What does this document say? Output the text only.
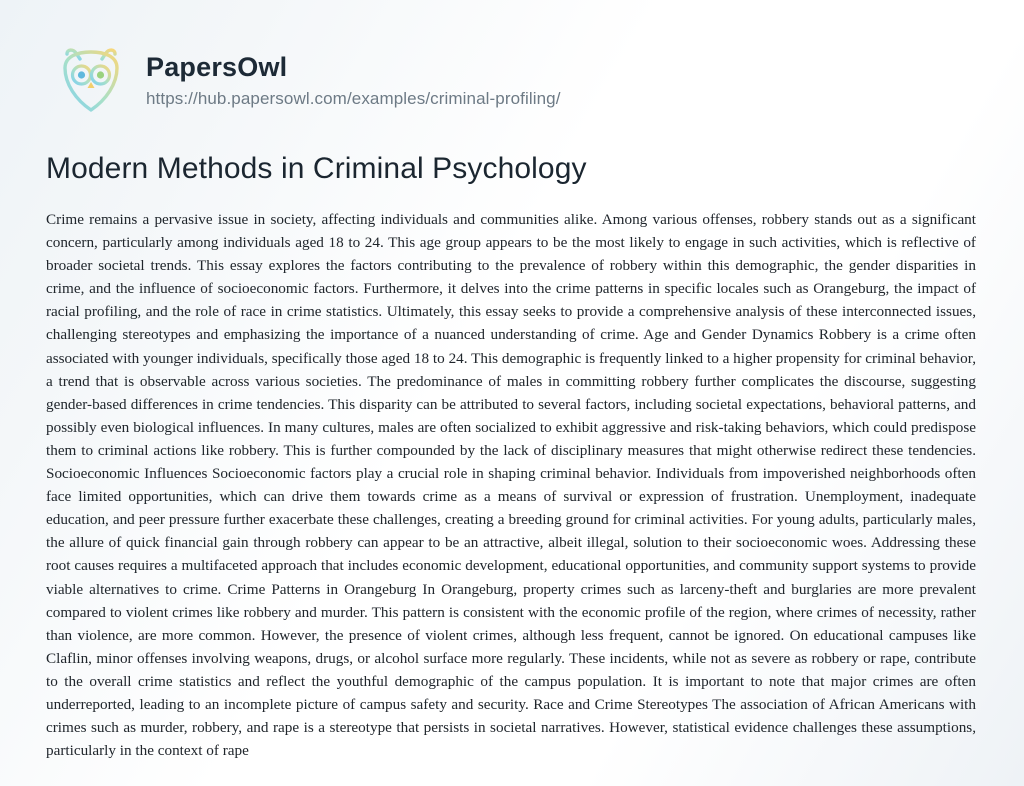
PapersOwl
https://hub.papersowl.com/examples/criminal-profiling/
Modern Methods in Criminal Psychology
Crime remains a pervasive issue in society, affecting individuals and communities alike. Among various offenses, robbery stands out as a significant concern, particularly among individuals aged 18 to 24. This age group appears to be the most likely to engage in such activities, which is reflective of broader societal trends. This essay explores the factors contributing to the prevalence of robbery within this demographic, the gender disparities in crime, and the influence of socioeconomic factors. Furthermore, it delves into the crime patterns in specific locales such as Orangeburg, the impact of racial profiling, and the role of race in crime statistics. Ultimately, this essay seeks to provide a comprehensive analysis of these interconnected issues, challenging stereotypes and emphasizing the importance of a nuanced understanding of crime. Age and Gender Dynamics Robbery is a crime often associated with younger individuals, specifically those aged 18 to 24. This demographic is frequently linked to a higher propensity for criminal behavior, a trend that is observable across various societies. The predominance of males in committing robbery further complicates the discourse, suggesting gender-based differences in crime tendencies. This disparity can be attributed to several factors, including societal expectations, behavioral patterns, and possibly even biological influences. In many cultures, males are often socialized to exhibit aggressive and risk-taking behaviors, which could predispose them to criminal actions like robbery. This is further compounded by the lack of disciplinary measures that might otherwise redirect these tendencies. Socioeconomic Influences Socioeconomic factors play a crucial role in shaping criminal behavior. Individuals from impoverished neighborhoods often face limited opportunities, which can drive them towards crime as a means of survival or expression of frustration. Unemployment, inadequate education, and peer pressure further exacerbate these challenges, creating a breeding ground for criminal activities. For young adults, particularly males, the allure of quick financial gain through robbery can appear to be an attractive, albeit illegal, solution to their socioeconomic woes. Addressing these root causes requires a multifaceted approach that includes economic development, educational opportunities, and community support systems to provide viable alternatives to crime. Crime Patterns in Orangeburg In Orangeburg, property crimes such as larceny-theft and burglaries are more prevalent compared to violent crimes like robbery and murder. This pattern is consistent with the economic profile of the region, where crimes of necessity, rather than violence, are more common. However, the presence of violent crimes, although less frequent, cannot be ignored. On educational campuses like Claflin, minor offenses involving weapons, drugs, or alcohol surface more regularly. These incidents, while not as severe as robbery or rape, contribute to the overall crime statistics and reflect the youthful demographic of the campus population. It is important to note that major crimes are often underreported, leading to an incomplete picture of campus safety and security. Race and Crime Stereotypes The association of African Americans with crimes such as murder, robbery, and rape is a stereotype that persists in societal narratives. However, statistical evidence challenges these assumptions, particularly in the context of rape
